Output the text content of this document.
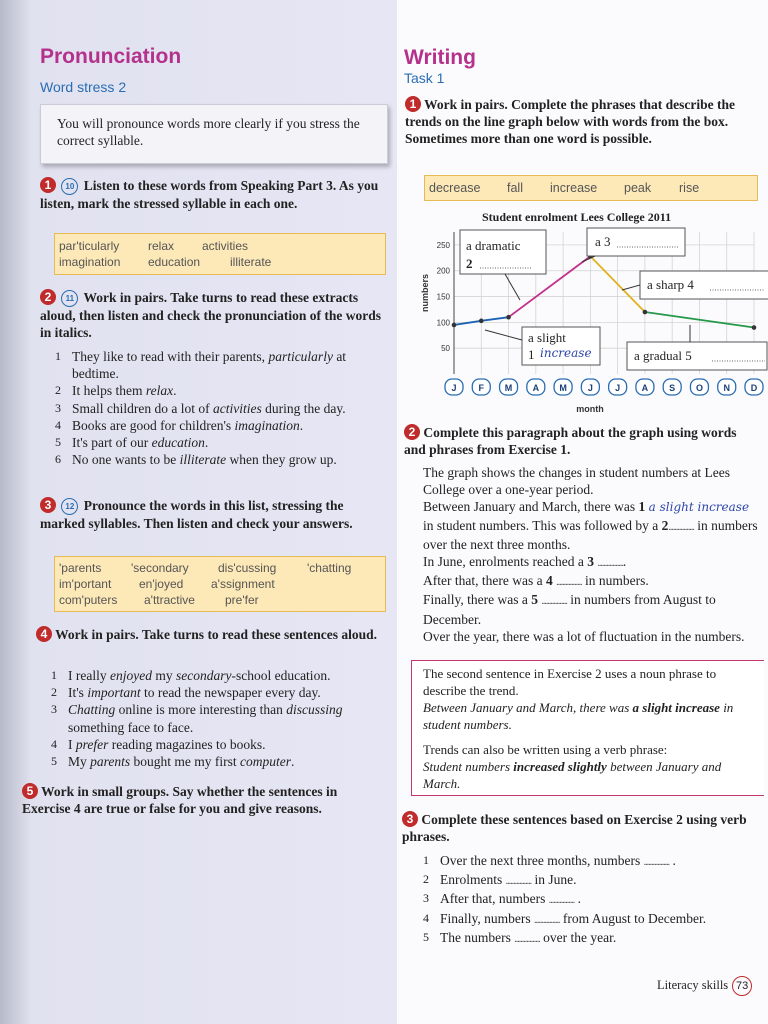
Pronunciation

Word stress 2

You will pronounce words more clearly if you stress the correct syllable.

1 10 Listen to these words from Speaking Part 3. As you listen, mark the stressed syllable in each one.

par'ticularly relax activities
imagination education illiterate

2 11 Work in pairs. Take turns to read these extracts aloud, then listen and check the pronunciation of the words in italics.

1 They like to read with their parents, particularly at bedtime.
2 It helps them relax.
3 Small children do a lot of activities during the day.
4 Books are good for children's imagination.
5 It's part of our education.
6 No one wants to be illiterate when they grow up.

3 12 Pronounce the words in this list, stressing the marked syllables. Then listen and check your answers.

'parents 'secondary dis'cussing	'chatting
im'portant en'joyed a'ssignment
com'puters a'ttractive	pre'fer

4 Work in pairs. Take turns to read these sentences aloud.

1 I really enjoyed my secondary-school education.
2 It's important to read the newspaper every day.
3 Chatting online is more interesting than discussing something face to face.
4 I prefer reading magazines to books.
5 My parents bought me my first computer.

5 Work in small groups. Say whether the sentences in Exercise 4 are true or false for you and give reasons.

Writing

Task 1

1 Work in pairs. Complete the phrases that describe the trends on the line graph below with words from the box. Sometimes more than one word is possible.

decrease fall increase peak rise
Student enrolment Lees College 2011
50
100
150
200
250
numbers
J F M A M J J A S O N D
month
a dramatic
2
a 3
a sharp 4
a slight
1 increase	a gradual 5

2 Complete this paragraph about the graph using words and phrases from Exercise 1.

The graph shows the changes in student numbers at Lees College over a one-year period.

Between January and March, there was 1 a slight increase in student numbers. This was followed by a 2................. in numbers over the next three months.

In June, enrolments reached a 3 ..................

After that, there was a 4 ................. in numbers.

Finally, there was a 5 ................. in numbers from August to December.

Over the year, there was a lot of fluctuation in the numbers.

The second sentence in Exercise 2 uses a noun phrase to describe the trend.

Between January and March, there was a slight increase in student numbers.

Trends can also be written using a verb phrase:

Student numbers increased slightly between January and March.

3 Complete these sentences based on Exercise 2 using verb phrases.

1 Over the next three months, numbers ................. .
2 Enrolments ................. in June.
3 After that, numbers ................. .
4 Finally, numbers ................. from August to December.
5 The numbers ................. over the year.
Literacy skills 73
